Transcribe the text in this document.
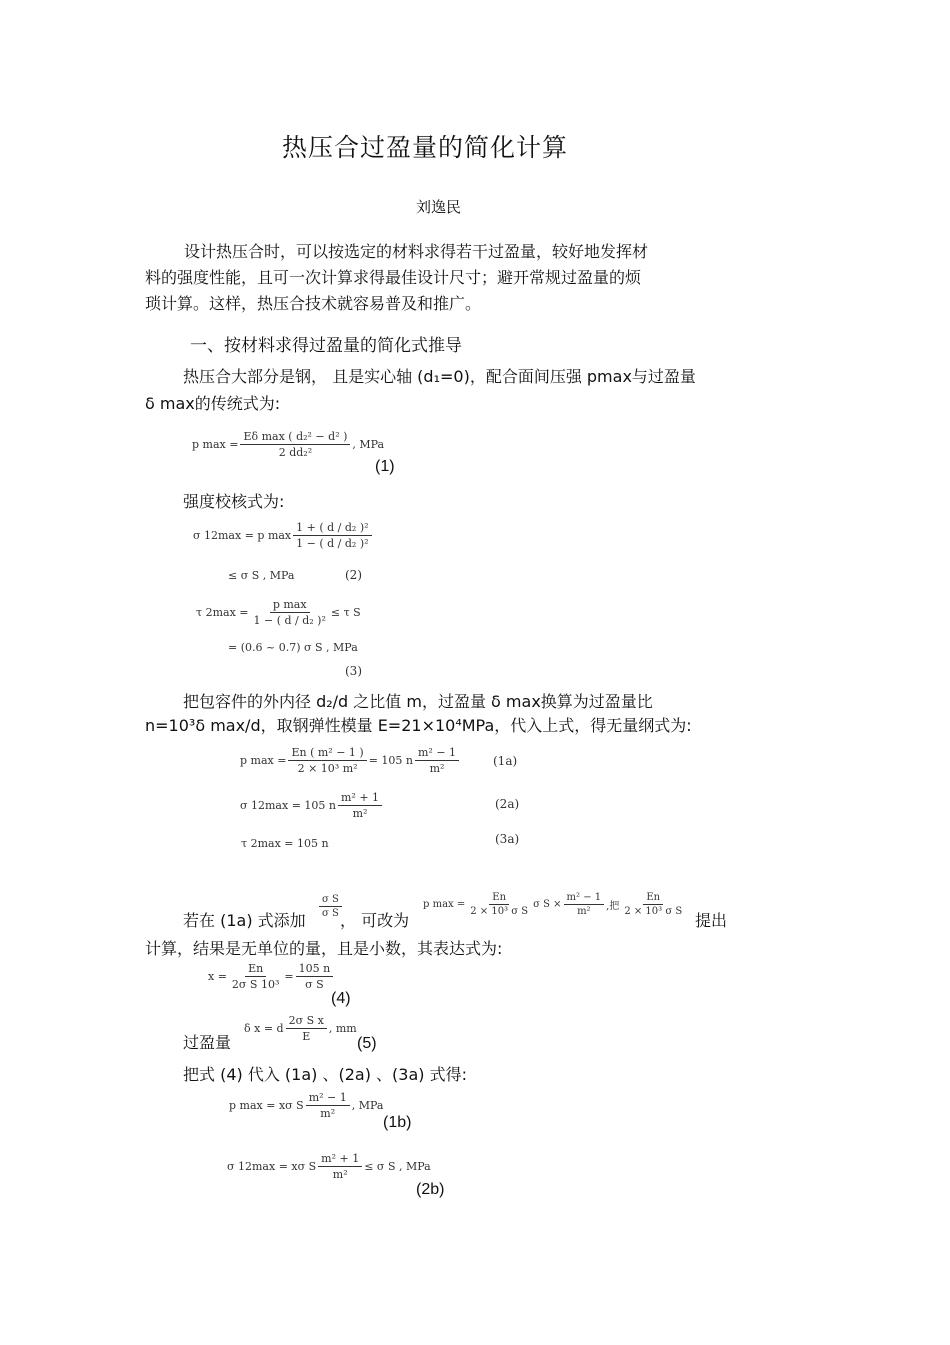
热压合过盈量的简化计算
刘逸民
设计热压合时，可以按选定的材料求得若干过盈量，较好地发挥材
料的强度性能，且可一次计算求得最佳设计尺寸；避开常规过盈量的烦
琐计算。这样，热压合技术就容易普及和推广。
一、按材料求得过盈量的简化式推导
热压合大部分是钢， 且是实心轴 (d₁=0)，配合面间压强 pmax与过盈量
δ max的传统式为:
p $\max = \frac{\text{Eδ max ( d₂² − d² )}}{\text{2 dd₂²}}$ , MPa
(1)
强度校核式为:
σ 12max = p $\max \frac{\text{1 + ( d / d₂ )²}}{\text{1 − ( d / d₂ )²}}$
≤ σ S , MPa	(2)
τ $2\max = \frac{\text{p max}}{\text{1 − ( d / d₂ )²}} \le \tau$ S
= (0.6 ~ 0.7) σ S , MPa
(3)
把包容件的外内径 d₂/d 之比值 m，过盈量 δ max换算为过盈量比
n=10³δ max/d，取钢弹性模量 E=21×10⁴MPa，代入上式，得无量纲式为:
p $\max = \frac{\text{En ( m² − 1 )}}{\text{2 × 10³ m²}} = 105$ n $\frac{\text{m² − 1}}{\text{m²}}$	(1a)
σ 12max = 105 n $\frac{\text{m² + 1}}{\text{m²}}$	(2a)
τ 2max = 105 n	(3a)
若在 (1a) 式添加
$\frac{\text{σ S}}{\text{σ S}}$
， 可改为
p $\max = \frac{En}{\text{2 × 10³ σ S}}$ σ $S \times \frac{\text{m² − 1}}{\text{m²}}$ ,把 $\frac{En}{\text{2 × 10³ σ S}}$
提出
计算，结果是无单位的量，且是小数，其表达式为:
$x = \frac{En}{\text{2σ S 10³}} = \frac{105 n}{\text{σ S}}$
(4)
过盈量
δ x = d $\frac{\text{2σ S x}}{E}$ , mm
(5)
把式 (4) 代入 (1a) 、(2a) 、(3a) 式得:
p max = xσ S $\frac{\text{m² − 1}}{\text{m²}}$ , MPa
(1b)
σ 12max = xσ S $\frac{\text{m² + 1}}{\text{m²}} \le \sigma$ S , MPa
(2b)
